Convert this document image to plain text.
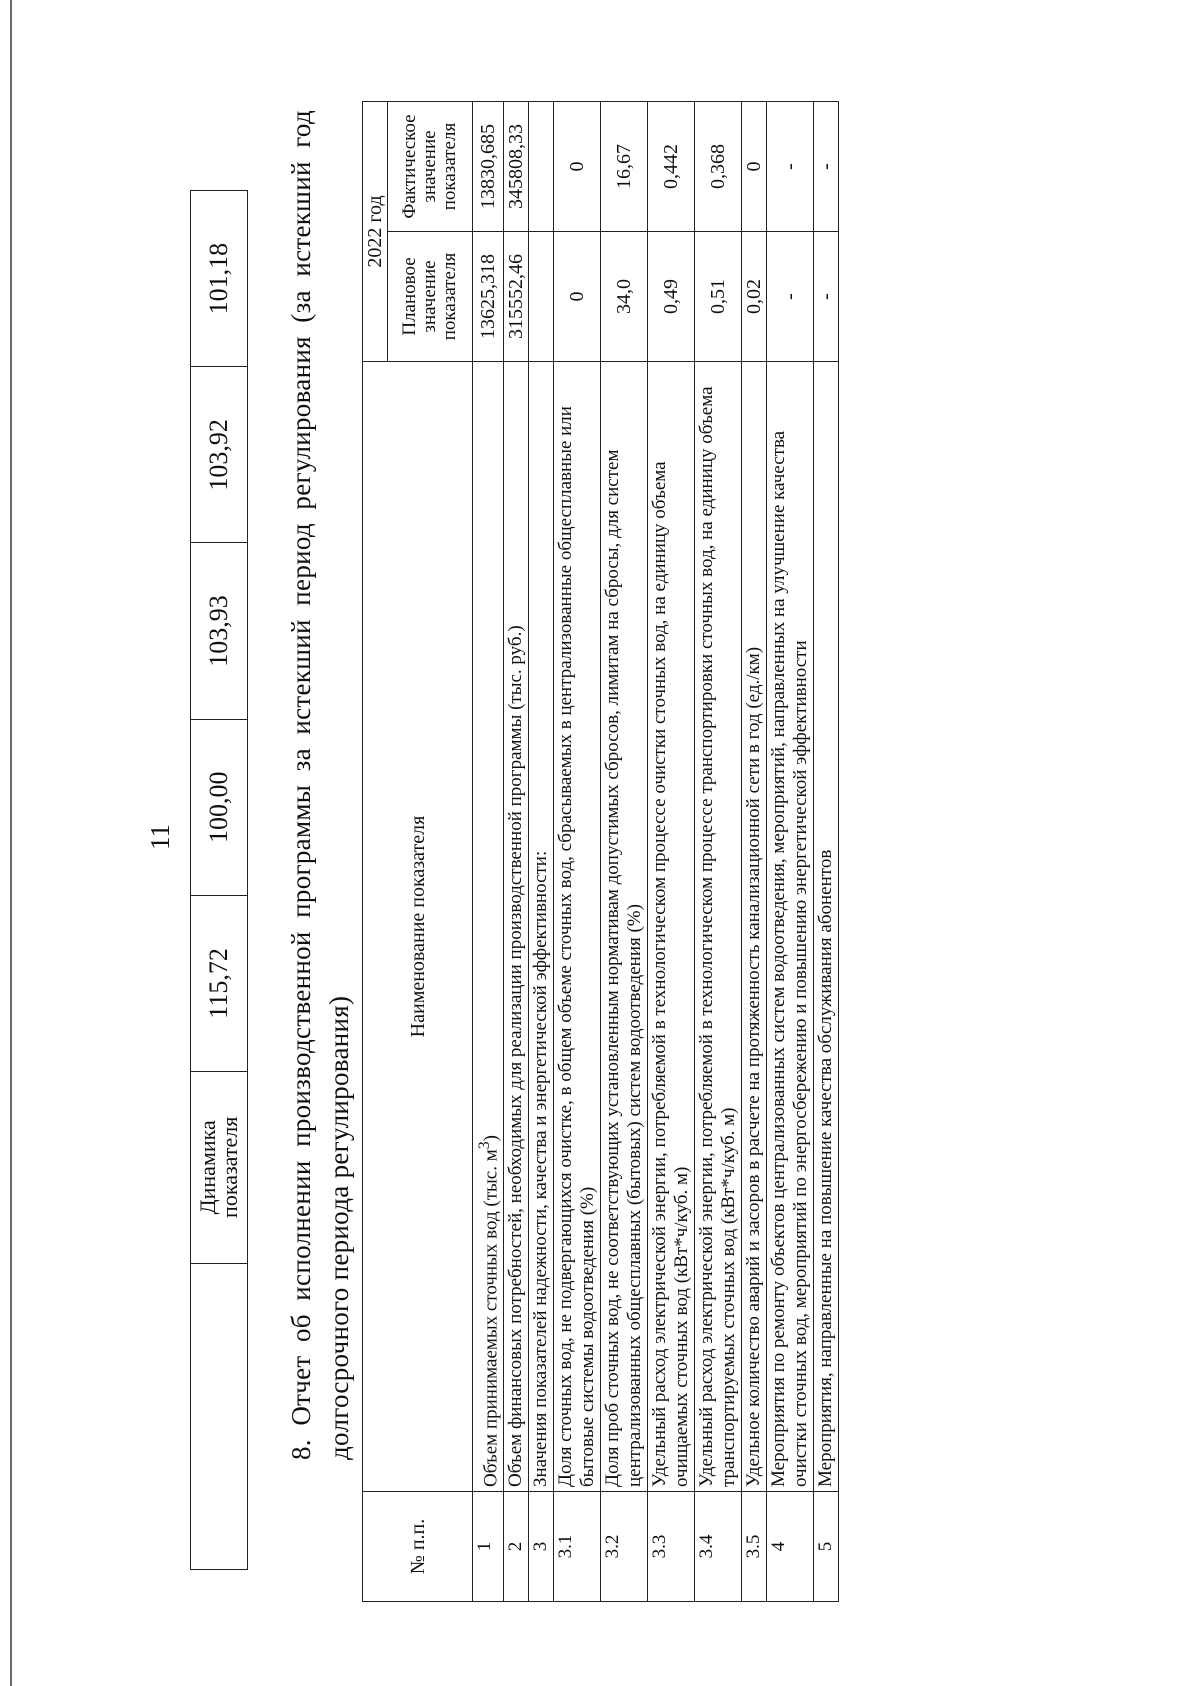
11
	Динамика показателя	115,72	100,00	103,93	103,92	101,18 8. Отчет об исполнении производственной программы за истекший период регулирования (за истекший год долгосрочного периода регулирования)
№ п.п.	Наименование показателя	2022 год	
		Плановое значение показателя	Фактическое значение показателя
1	Объем принимаемых сточных вод (тыс. $м^3$)	13625,318	13830,685
2	Объем финансовых потребностей, необходимых для реализации производственной программы (тыс. руб.)	315552,46	345808,33
3	Значения показателей надежности, качества и энергетической эффективности:		
3.1	Доля сточных вод, не подвергающихся очистке, в общем объеме сточных вод, сбрасываемых в централизованные общесплавные или бытовые системы водоотведения (%)	0	0
3.2	Доля проб сточных вод, не соответствующих установленным нормативам допустимых сбросов, лимитам на сбросы, для систем централизованных общесплавных (бытовых) систем водоотведения (%)	34,0	16,67
3.3	Удельный расход электрической энергии, потребляемой в технологическом процессе очистки сточных вод, на единицу объема очищаемых сточных вод (кВт*ч/куб. м)	0,49	0,442
3.4	Удельный расход электрической энергии, потребляемой в технологическом процессе транспортировки сточных вод, на единицу объема транспортируемых сточных вод (кВт*ч/куб. м)	0,51	0,368
3.5	Удельное количество аварий и засоров в расчете на протяженность канализационной сети в год (ед./км)	0,02	0
4	Мероприятия по ремонту объектов централизованных систем водоотведения, мероприятий, направленных на улучшение качества очистки сточных вод, мероприятий по энергосбережению и повышению энергетической эффективности	-	-
5	Мероприятия, направленные на повышение качества обслуживания абонентов	-	-
